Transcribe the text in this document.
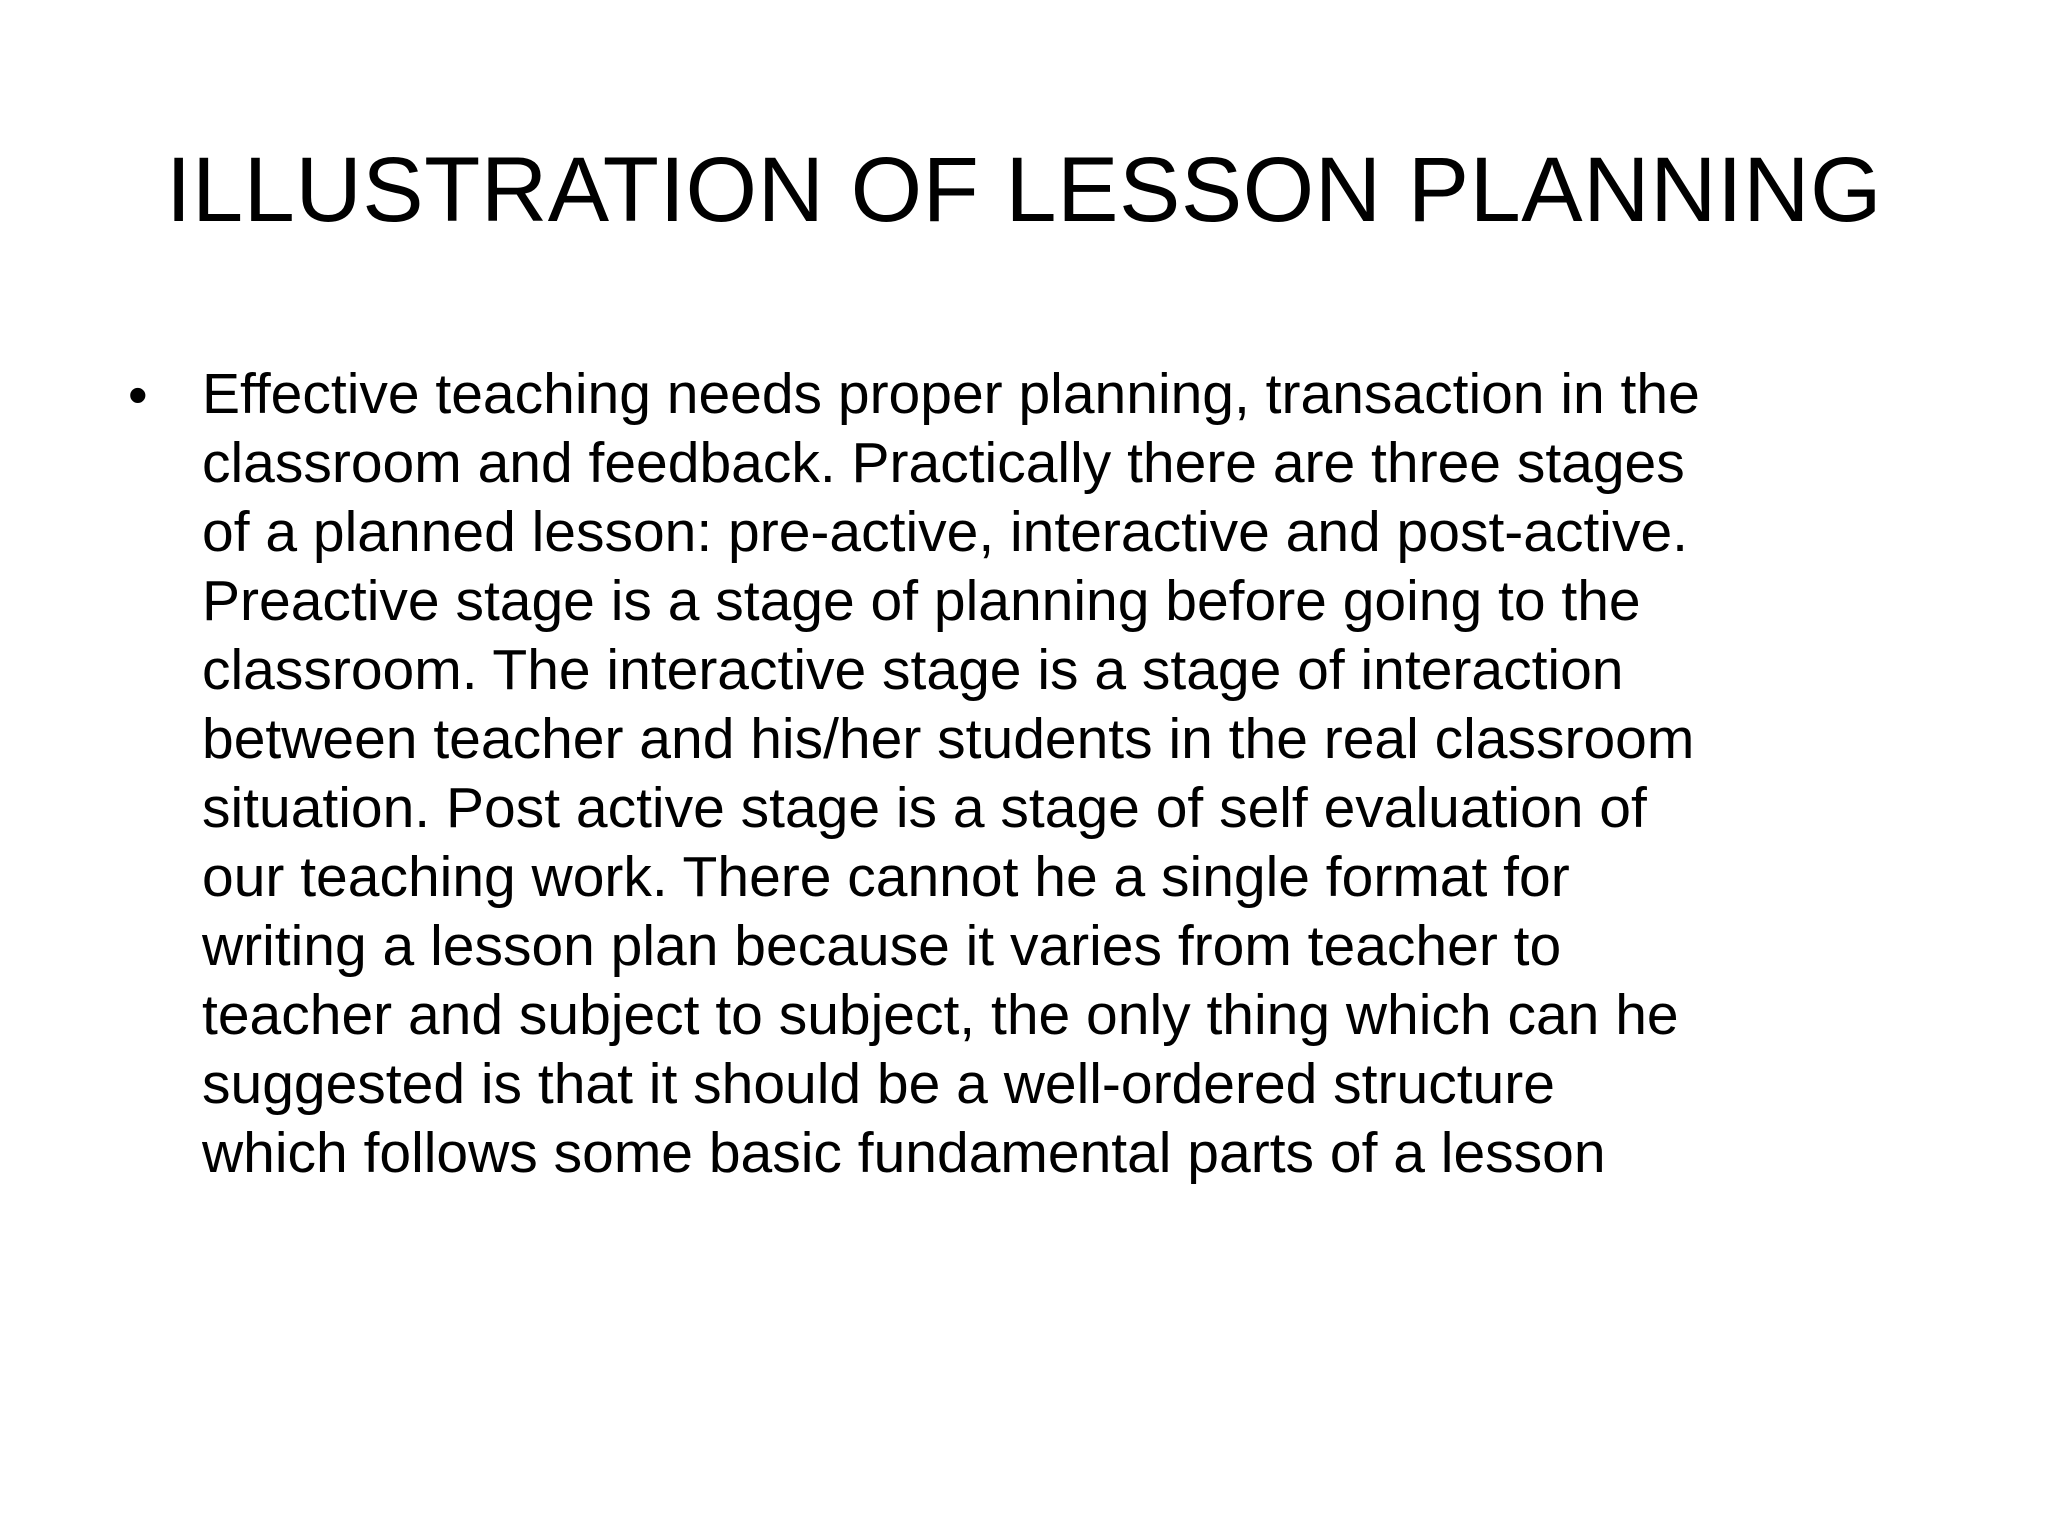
ILLUSTRATION OF LESSON PLANNING
• Effective teaching needs proper planning, transaction in the
classroom and feedback. Practically there are three stages
of a planned lesson: pre-active, interactive and post-active.
Preactive stage is a stage of planning before going to the
classroom. The interactive stage is a stage of interaction
between teacher and his/her students in the real classroom
situation. Post active stage is a stage of self evaluation of
our teaching work. There cannot he a single format for
writing a lesson plan because it varies from teacher to
teacher and subject to subject, the only thing which can he
suggested is that it should be a well-ordered structure
which follows some basic fundamental parts of a lesson
